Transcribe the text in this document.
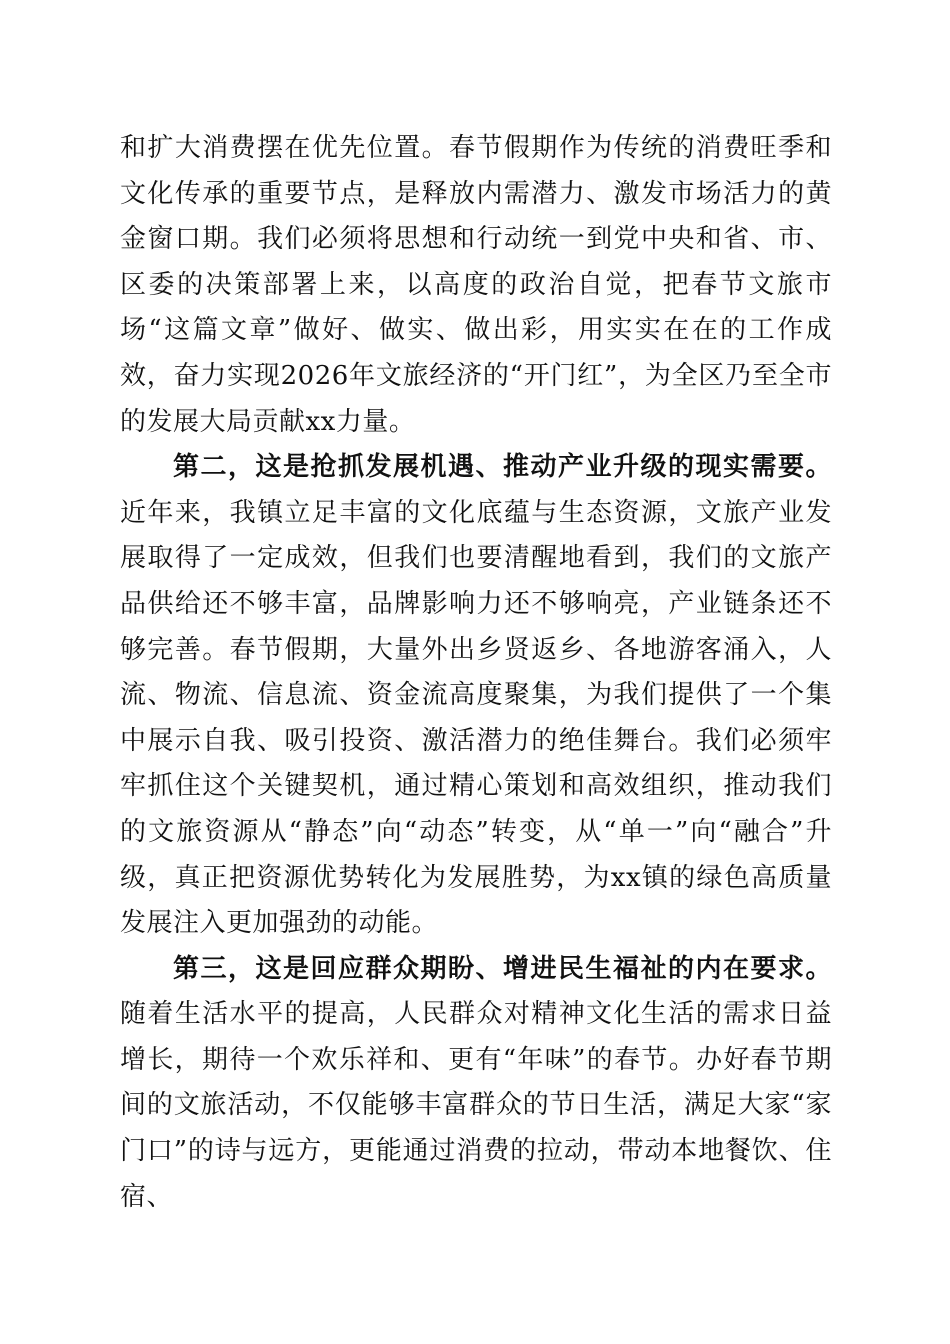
和扩大消费摆在优先位置。春节假期作为传统的消费旺季和文化传承的重要节点，是释放内需潜力、激发市场活力的黄金窗口期。我们必须将思想和行动统一到党中央和省、市、区委的决策部署上来，以高度的政治自觉，把春节文旅市场“这篇文章”做好、做实、做出彩，用实实在在的工作成效，奋力实现2026年文旅经济的“开门红”，为全区乃至全市的发展大局贡献xx力量。

第二，这是抢抓发展机遇、推动产业升级的现实需要。近年来，我镇立足丰富的文化底蕴与生态资源，文旅产业发展取得了一定成效，但我们也要清醒地看到，我们的文旅产品供给还不够丰富，品牌影响力还不够响亮，产业链条还不够完善。春节假期，大量外出乡贤返乡、各地游客涌入，人流、物流、信息流、资金流高度聚集，为我们提供了一个集中展示自我、吸引投资、激活潜力的绝佳舞台。我们必须牢牢抓住这个关键契机，通过精心策划和高效组织，推动我们的文旅资源从“静态”向“动态”转变，从“单一”向“融合”升级，真正把资源优势转化为发展胜势，为xx镇的绿色高质量发展注入更加强劲的动能。

第三，这是回应群众期盼、增进民生福祉的内在要求。随着生活水平的提高，人民群众对精神文化生活的需求日益增长，期待一个欢乐祥和、更有“年味”的春节。办好春节期间的文旅活动，不仅能够丰富群众的节日生活，满足大家“家门口”的诗与远方，更能通过消费的拉动，带动本地餐饮、住宿、
